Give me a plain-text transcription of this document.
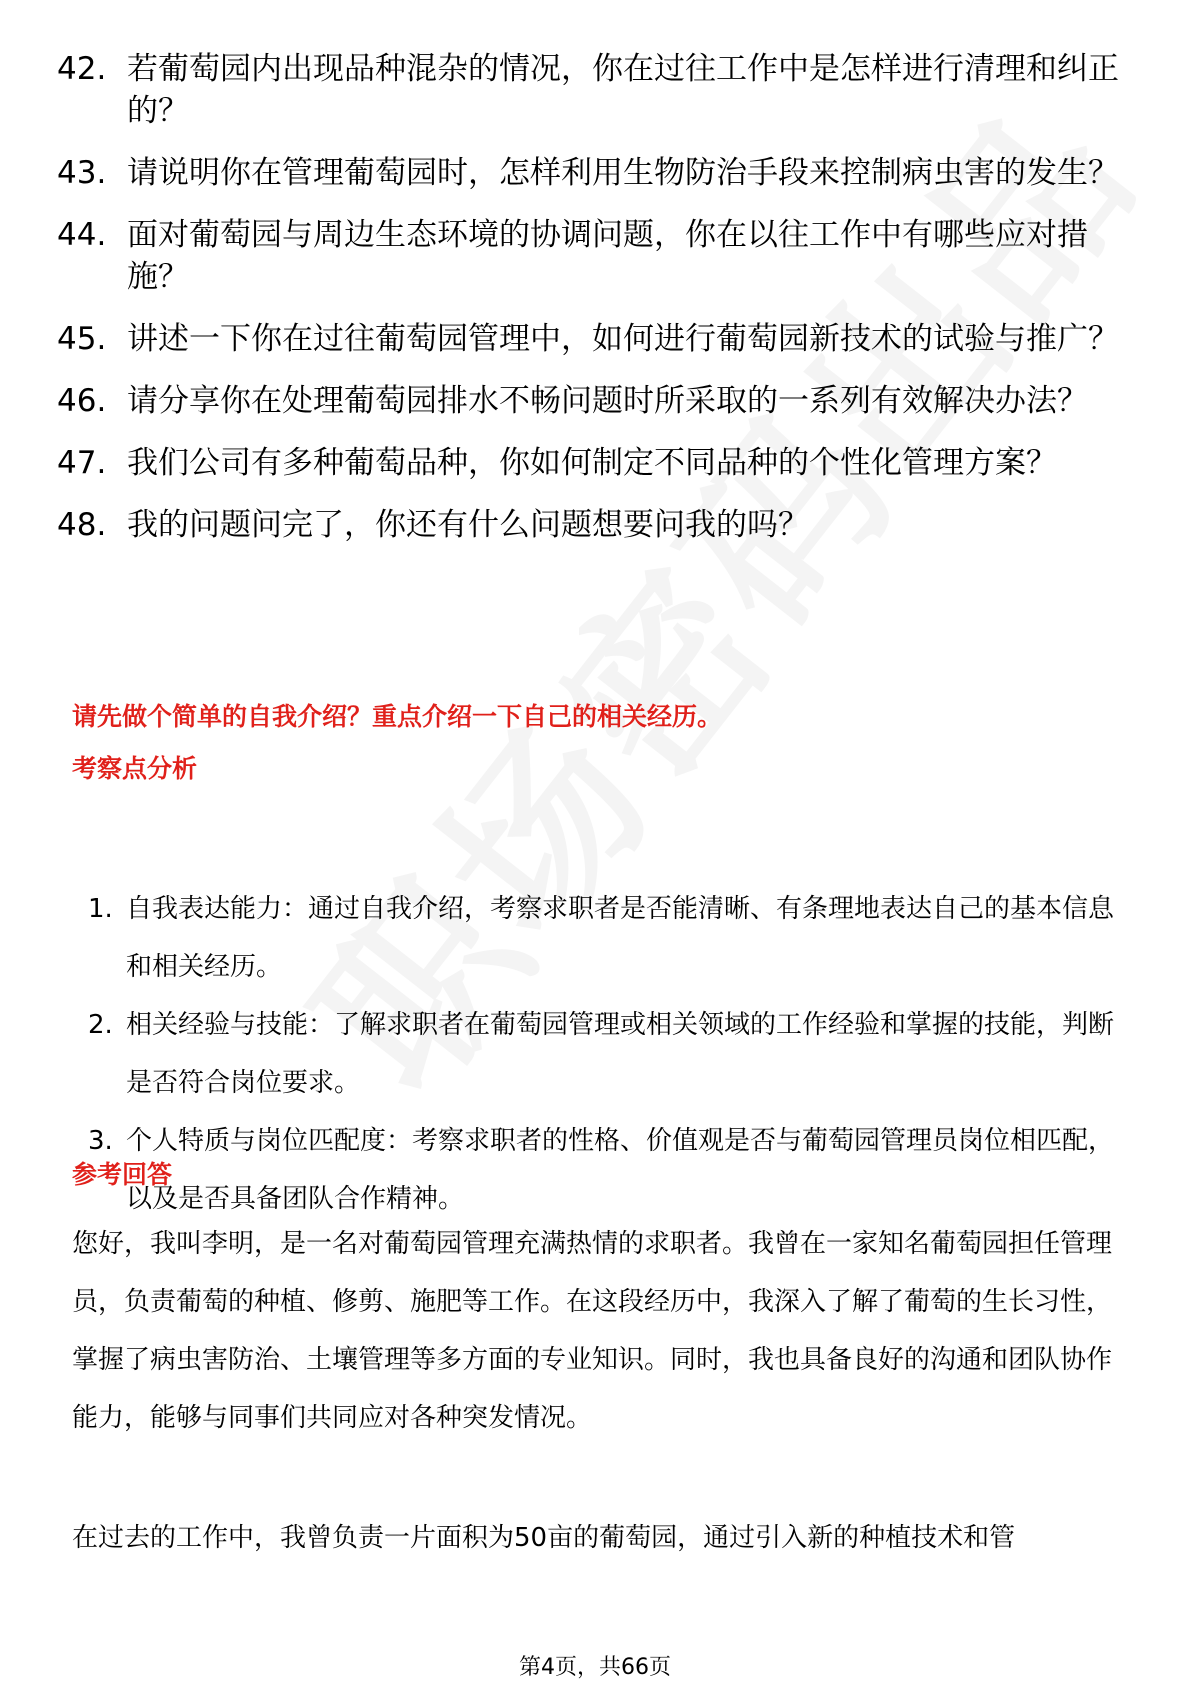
42. 若葡萄园内出现品种混杂的情况，你在过往工作中是怎样进行清理和纠正的？
43. 请说明你在管理葡萄园时，怎样利用生物防治手段来控制病虫害的发生？
44. 面对葡萄园与周边生态环境的协调问题，你在以往工作中有哪些应对措施？
45. 讲述一下你在过往葡萄园管理中，如何进行葡萄园新技术的试验与推广？
46. 请分享你在处理葡萄园排水不畅问题时所采取的一系列有效解决办法？
47. 我们公司有多种葡萄品种，你如何制定不同品种的个性化管理方案？
48. 我的问题问完了，你还有什么问题想要问我的吗？

请先做个简单的自我介绍？重点介绍一下自己的相关经历。

考察点分析

1. 自我表达能力：通过自我介绍，考察求职者是否能清晰、有条理地表达自己的基本信息和相关经历。
2. 相关经验与技能：了解求职者在葡萄园管理或相关领域的工作经验和掌握的技能，判断是否符合岗位要求。
3. 个人特质与岗位匹配度：考察求职者的性格、价值观是否与葡萄园管理员岗位相匹配，以及是否具备团队合作精神。

参考回答

您好，我叫李明，是一名对葡萄园管理充满热情的求职者。我曾在一家知名葡萄园担任管理员，负责葡萄的种植、修剪、施肥等工作。在这段经历中，我深入了解了葡萄的生长习性，掌握了病虫害防治、土壤管理等多方面的专业知识。同时，我也具备良好的沟通和团队协作能力，能够与同事们共同应对各种突发情况。

在过去的工作中，我曾负责一片面积为50亩的葡萄园，通过引入新的种植技术和管

第4页，共66页
